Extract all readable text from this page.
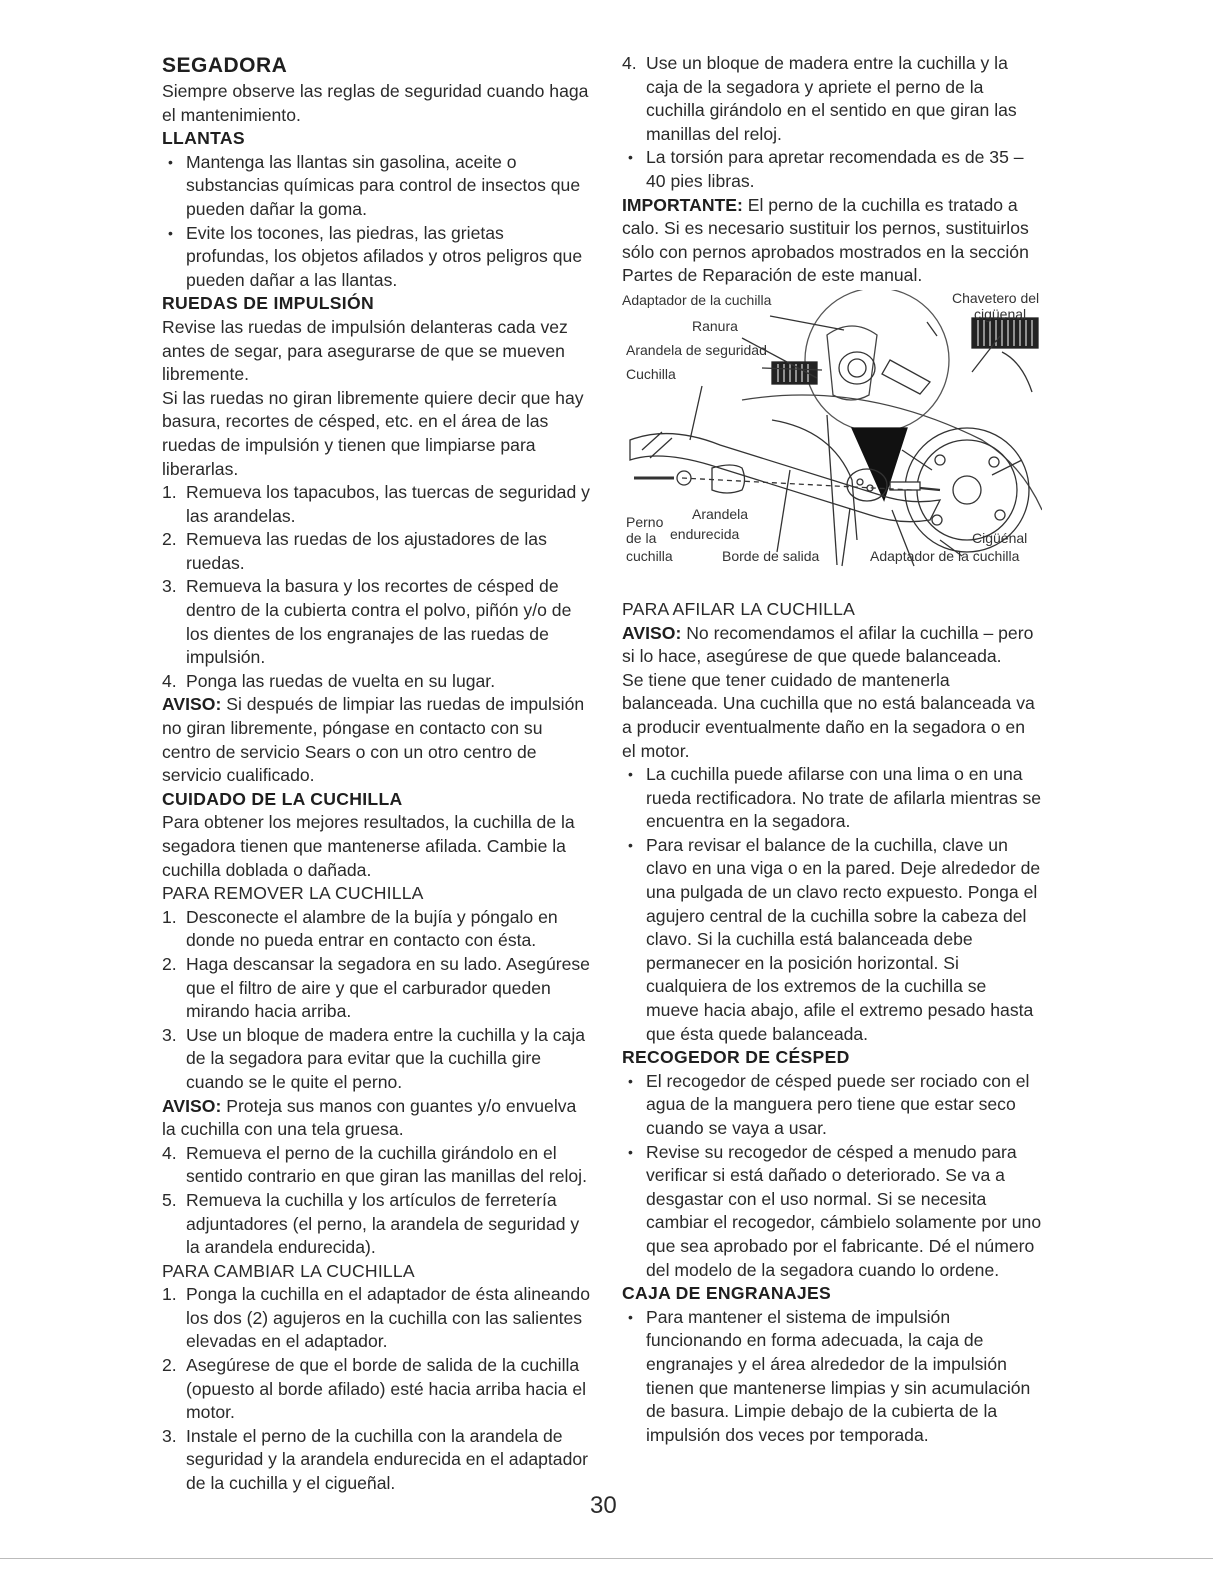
SEGADORA

Siempre observe las reglas de seguridad cuando haga el mantenimiento.

LLANTAS
• Mantenga las llantas sin gasolina, aceite o substancias químicas para control de insectos que pueden dañar la goma.
• Evite los tocones, las piedras, las grietas profundas, los objetos afilados y otros peligros que pueden dañar a las llantas.
RUEDAS DE IMPULSIÓN

Revise las ruedas de impulsión delanteras cada vez antes de segar, para asegurarse de que se mueven libremente.

Si las ruedas no giran libremente quiere decir que hay basura, recortes de césped, etc. en el área de las ruedas de impulsión y tienen que limpiarse para liberarlas.

1. Remueva los tapacubos, las tuercas de seguridad y las arandelas.
2. Remueva las ruedas de los ajustadores de las ruedas.
3. Remueva la basura y los recortes de césped de dentro de la cubierta contra el polvo, piñón y/o de los dientes de los engranajes de las ruedas de impulsión.
4. Ponga las ruedas de vuelta en su lugar.

AVISO: Si después de limpiar las ruedas de impulsión no giran libremente, póngase en contacto con su centro de servicio Sears o con un otro centro de servicio cualificado.

CUIDADO DE LA CUCHILLA

Para obtener los mejores resultados, la cuchilla de la segadora tienen que mantenerse afilada. Cambie la cuchilla doblada o dañada.

PARA REMOVER LA CUCHILLA
1. Desconecte el alambre de la bujía y póngalo en donde no pueda entrar en contacto con ésta.
2. Haga descansar la segadora en su lado. Asegúrese que el filtro de aire y que el carburador queden mirando hacia arriba.
3. Use un bloque de madera entre la cuchilla y la caja de la segadora para evitar que la cuchilla gire cuando se le quite el perno.

AVISO: Proteja sus manos con guantes y/o envuelva la cuchilla con una tela gruesa.

4. Remueva el perno de la cuchilla girándolo en el sentido contrario en que giran las manillas del reloj.
5. Remueva la cuchilla y los artículos de ferretería adjuntadores (el perno, la arandela de seguridad y la arandela endurecida).
PARA CAMBIAR LA CUCHILLA
1. Ponga la cuchilla en el adaptador de ésta alineando los dos (2) agujeros en la cuchilla con las salientes elevadas en el adaptador.
2. Asegúrese de que el borde de salida de la cuchilla (opuesto al borde afilado) esté hacia arriba hacia el motor.
3. Instale el perno de la cuchilla con la arandela de seguridad y la arandela endurecida en el adaptador de la cuchilla y el cigueñal.
4. Use un bloque de madera entre la cuchilla y la caja de la segadora y apriete el perno de la cuchilla girándolo en el sentido en que giran las manillas del reloj.
• La torsión para apretar recomendada es de 35 – 40 pies libras.

IMPORTANTE: El perno de la cuchilla es tratado a calo. Si es necesario sustituir los pernos, sustituirlos sólo con pernos aprobados mostrados en la sección Partes de Reparación de este manual.

Adaptador de la cuchilla	Chavetero del
cigüenal
Ranura
Arandela de seguridad
Cuchilla
Perno
de la
cuchilla
Arandela
endurecida
Borde de salida	Adaptador de la cuchilla
Cigüénal
PARA AFILAR LA CUCHILLA

AVISO: No recomendamos el afilar la cuchilla – pero si lo hace, asegúrese de que quede balanceada.

Se tiene que tener cuidado de mantenerla balanceada. Una cuchilla que no está balanceada va a producir eventualmente daño en la segadora o en el motor.

• La cuchilla puede afilarse con una lima o en una rueda rectificadora. No trate de afilarla mientras se encuentra en la segadora.
• Para revisar el balance de la cuchilla, clave un clavo en una viga o en la pared. Deje alrededor de una pulgada de un clavo recto expuesto. Ponga el agujero central de la cuchilla sobre la cabeza del clavo. Si la cuchilla está balanceada debe permanecer en la posición horizontal. Si cualquiera de los extremos de la cuchilla se mueve hacia abajo, afile el extremo pesado hasta que ésta quede balanceada.
RECOGEDOR DE CÉSPED
• El recogedor de césped puede ser rociado con el agua de la manguera pero tiene que estar seco cuando se vaya a usar.
• Revise su recogedor de césped a menudo para verificar si está dañado o deteriorado. Se va a desgastar con el uso normal. Si se necesita cambiar el recogedor, cámbielo solamente por uno que sea aprobado por el fabricante. Dé el número del modelo de la segadora cuando lo ordene.
CAJA DE ENGRANAJES
• Para mantener el sistema de impulsión funcionando en forma adecuada, la caja de engranajes y el área alrededor de la impulsión tienen que mantenerse limpias y sin acumulación de basura. Limpie debajo de la cubierta de la impulsión dos veces por temporada.
30
